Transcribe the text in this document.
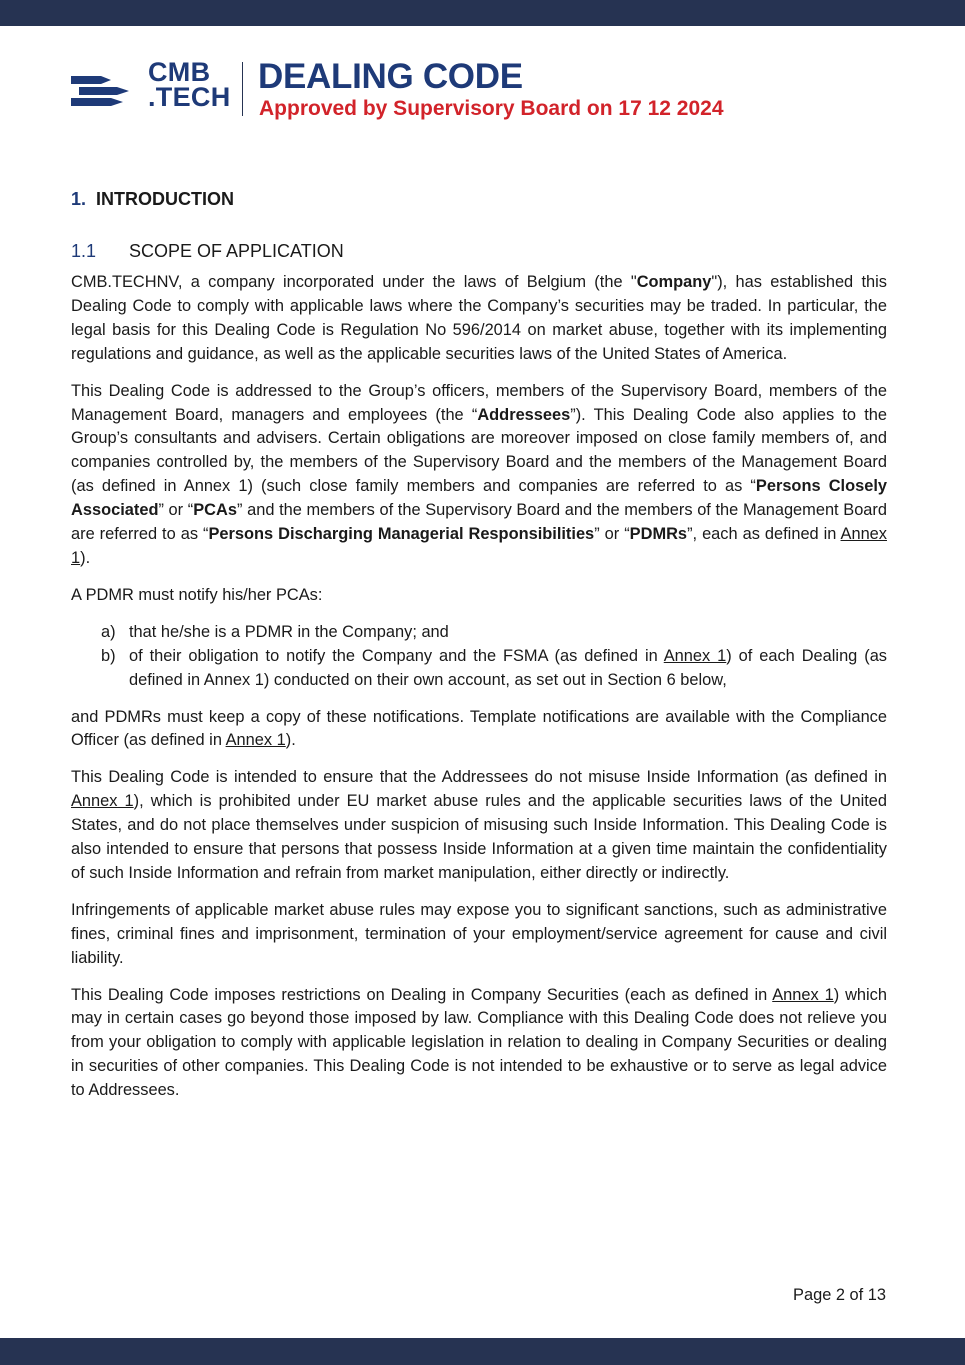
CMB
.TECH
DEALING CODE
Approved by Supervisory Board on 17 12 2024
1. INTRODUCTION
1.1 SCOPE OF APPLICATION

CMB.TECHNV, a company incorporated under the laws of Belgium (the "Company"), has established this Dealing Code to comply with applicable laws where the Company’s securities may be traded. In particular, the legal basis for this Dealing Code is Regulation No 596/2014 on market abuse, together with its implementing regulations and guidance, as well as the applicable securities laws of the United States of America.

This Dealing Code is addressed to the Group’s officers, members of the Supervisory Board, members of the Management Board, managers and employees (the “Addressees”). This Dealing Code also applies to the Group’s consultants and advisers. Certain obligations are moreover imposed on close family members of, and companies controlled by, the members of the Supervisory Board and the members of the Management Board (as defined in Annex 1) (such close family members and companies are referred to as “Persons Closely Associated” or “PCAs” and the members of the Supervisory Board and the members of the Management Board are referred to as “Persons Discharging Managerial Responsibilities” or “PDMRs”, each as defined in Annex 1).

A PDMR must notify his/her PCAs:

a) that he/she is a PDMR in the Company; and
b) of their obligation to notify the Company and the FSMA (as defined in Annex 1) of each Dealing (as defined in Annex 1) conducted on their own account, as set out in Section 6 below,

and PDMRs must keep a copy of these notifications. Template notifications are available with the Compliance Officer (as defined in Annex 1).

This Dealing Code is intended to ensure that the Addressees do not misuse Inside Information (as defined in Annex 1), which is prohibited under EU market abuse rules and the applicable securities laws of the United States, and do not place themselves under suspicion of misusing such Inside Information. This Dealing Code is also intended to ensure that persons that possess Inside Information at a given time maintain the confidentiality of such Inside Information and refrain from market manipulation, either directly or indirectly.

Infringements of applicable market abuse rules may expose you to significant sanctions, such as administrative fines, criminal fines and imprisonment, termination of your employment/service agreement for cause and civil liability.

This Dealing Code imposes restrictions on Dealing in Company Securities (each as defined in Annex 1) which may in certain cases go beyond those imposed by law. Compliance with this Dealing Code does not relieve you from your obligation to comply with applicable legislation in relation to dealing in Company Securities or dealing in securities of other companies. This Dealing Code is not intended to be exhaustive or to serve as legal advice to Addressees.

Page 2 of 13
